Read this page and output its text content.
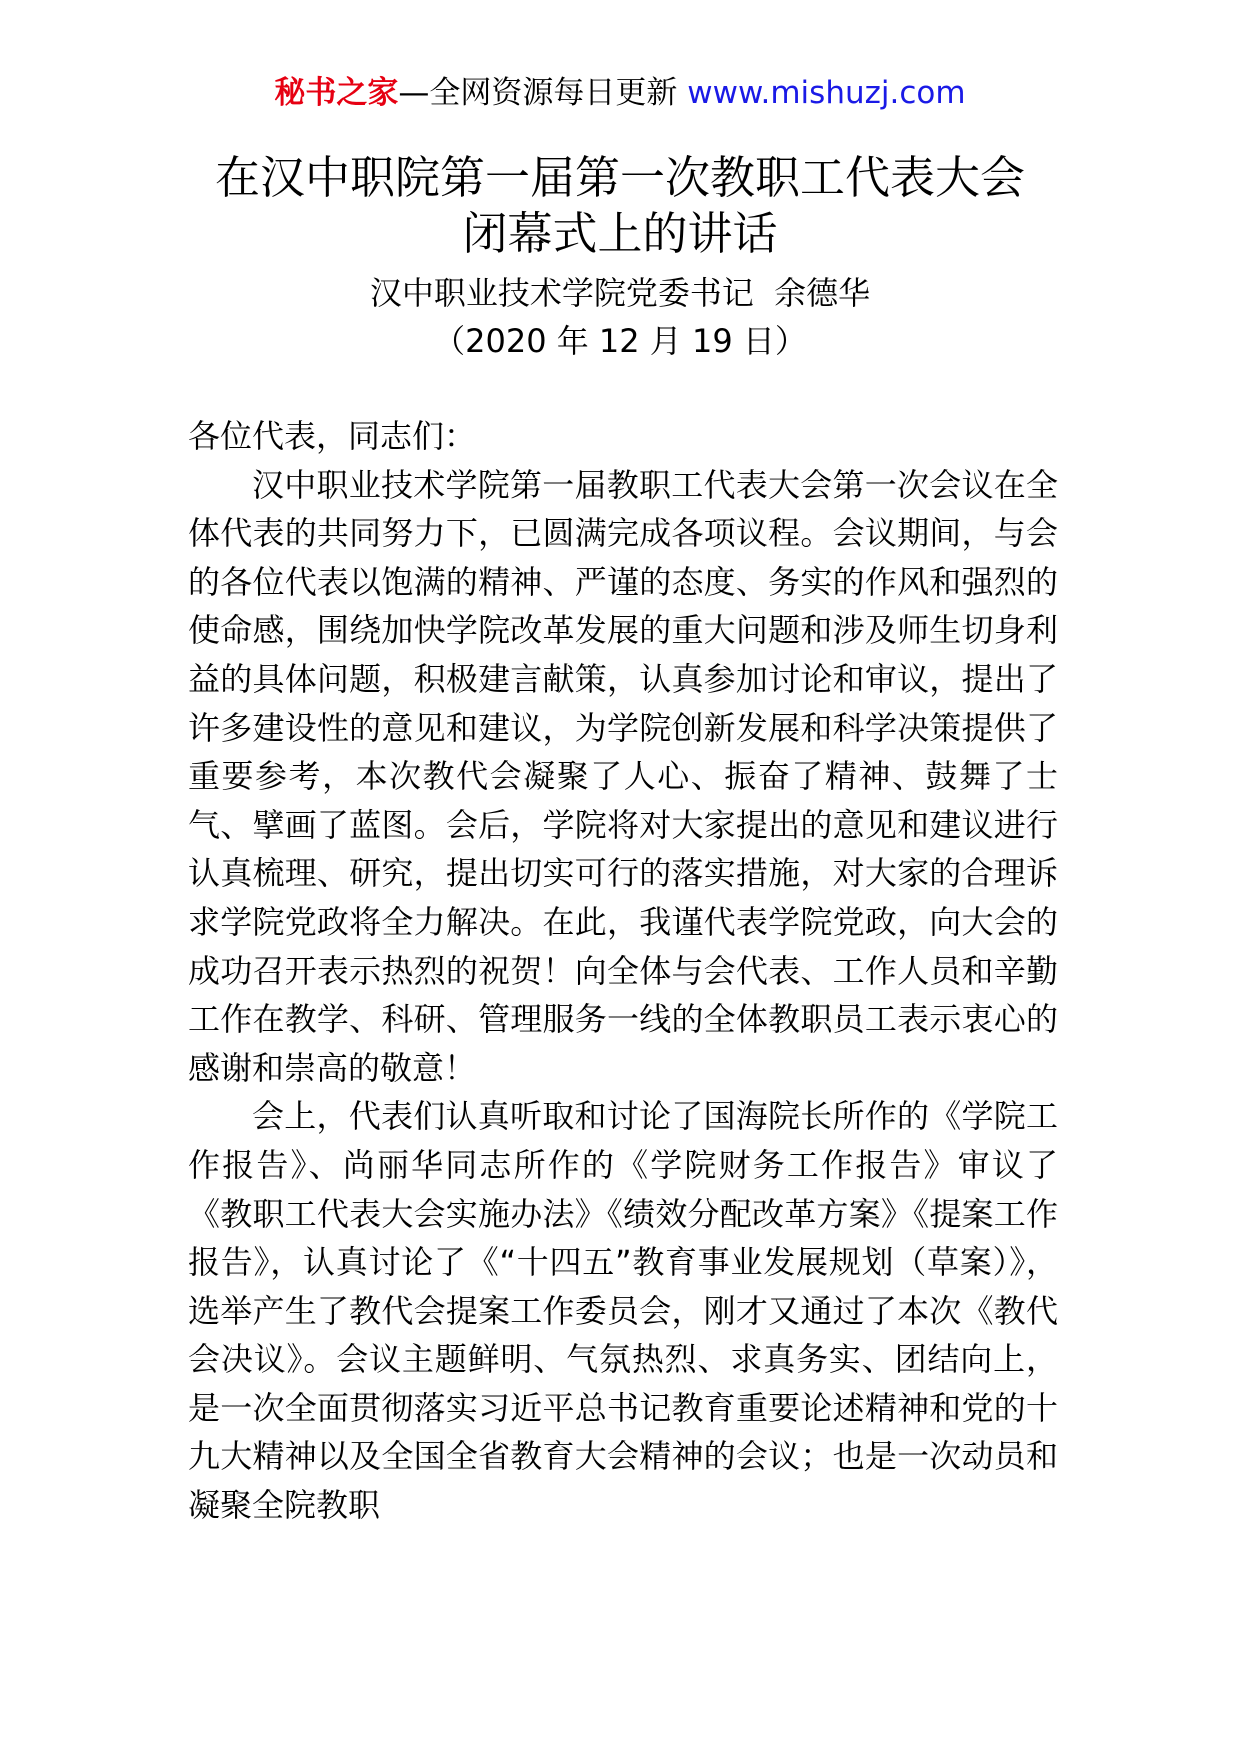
秘书之家—全网资源每日更新 www.mishuzj.com
在汉中职院第一届第一次教职工代表大会
闭幕式上的讲话
汉中职业技术学院党委书记  余德华
（2020 年 12 月 19 日）

各位代表，同志们：

汉中职业技术学院第一届教职工代表大会第一次会议在全体代表的共同努力下，已圆满完成各项议程。会议期间，与会的各位代表以饱满的精神、严谨的态度、务实的作风和强烈的使命感，围绕加快学院改革发展的重大问题和涉及师生切身利益的具体问题，积极建言献策，认真参加讨论和审议，提出了许多建设性的意见和建议，为学院创新发展和科学决策提供了重要参考，本次教代会凝聚了人心、振奋了精神、鼓舞了士气、擘画了蓝图。会后，学院将对大家提出的意见和建议进行认真梳理、研究，提出切实可行的落实措施，对大家的合理诉求学院党政将全力解决。在此，我谨代表学院党政，向大会的成功召开表示热烈的祝贺！向全体与会代表、工作人员和辛勤工作在教学、科研、管理服务一线的全体教职员工表示衷心的感谢和崇高的敬意！

会上，代表们认真听取和讨论了国海院长所作的《学院工作报告》、尚丽华同志所作的《学院财务工作报告》审议了《教职工代表大会实施办法》《绩效分配改革方案》《提案工作报告》，认真讨论了《“十四五”教育事业发展规划（草案）》，选举产生了教代会提案工作委员会，刚才又通过了本次《教代会决议》。会议主题鲜明、气氛热烈、求真务实、团结向上，是一次全面贯彻落实习近平总书记教育重要论述精神和党的十九大精神以及全国全省教育大会精神的会议；也是一次动员和凝聚全院教职
